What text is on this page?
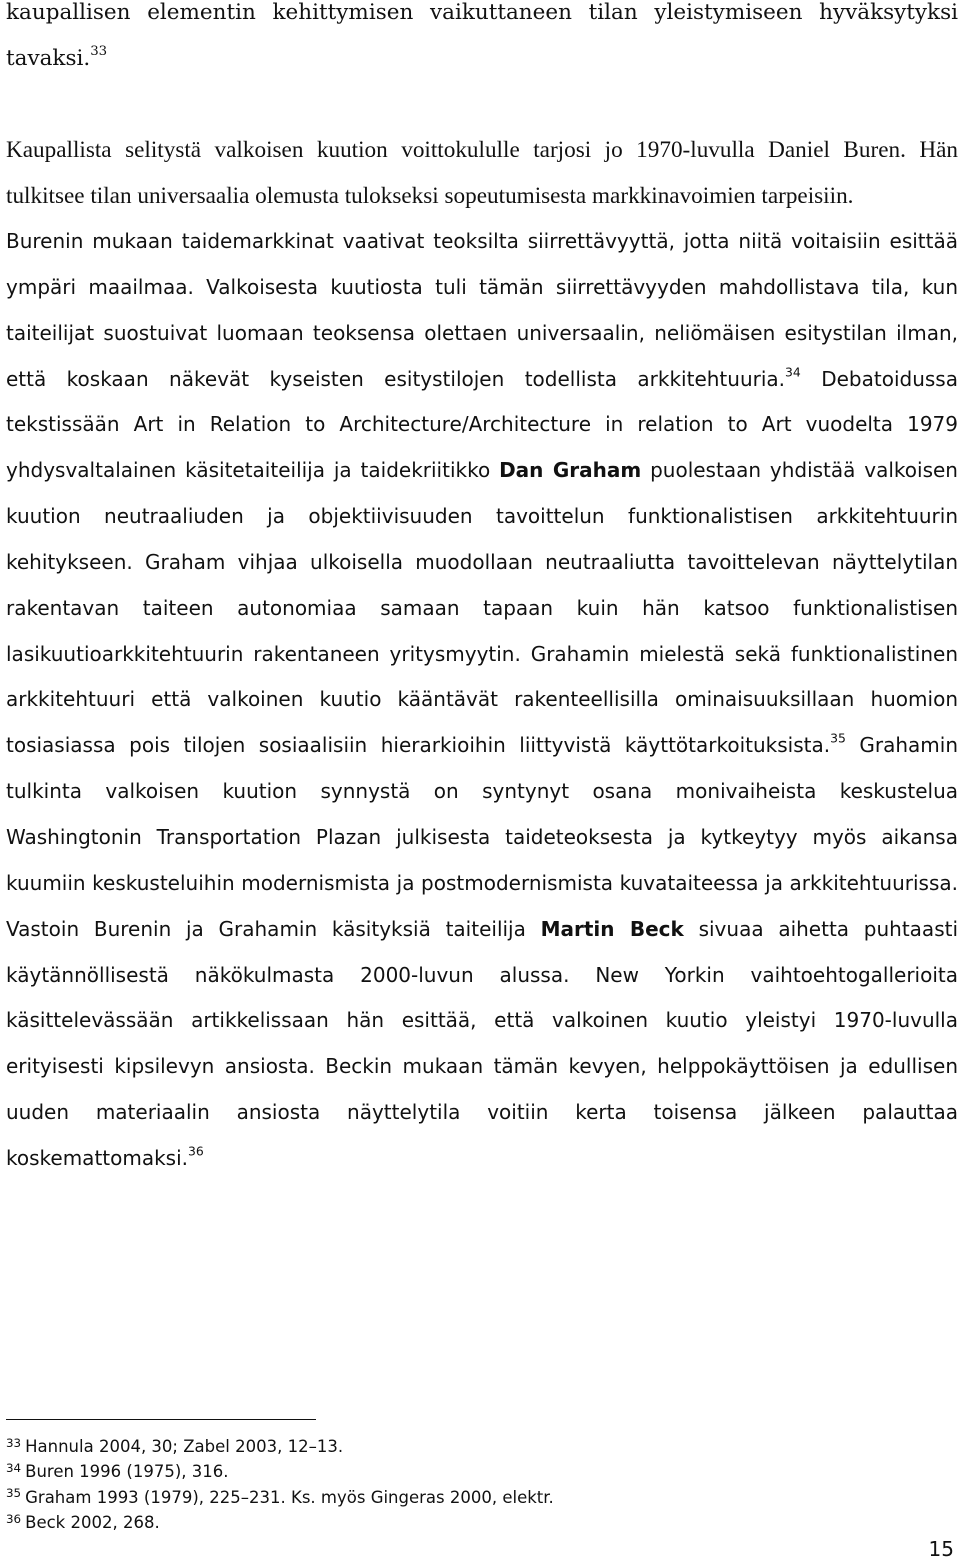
kaupallisen elementin kehittymisen vaikuttaneen tilan yleistymiseen hyväksytyksi tavaksi.$^{33}$

Kaupallista selitystä valkoisen kuution voittokululle tarjosi jo 1970-luvulla Daniel Buren. Hän tulkitsee tilan universaalia olemusta tulokseksi sopeutumisesta markkinavoimien tarpeisiin.

Burenin mukaan taidemarkkinat vaativat teoksilta siirrettävyyttä, jotta niitä voitaisiin esittää ympäri maailmaa. Valkoisesta kuutiosta tuli tämän siirrettävyyden mahdollistava tila, kun taiteilijat suostuivat luomaan teoksensa olettaen universaalin, neliömäisen esitystilan ilman, että koskaan näkevät kyseisten esitystilojen todellista arkkitehtuuria.$^{34}$ Debatoidussa tekstissään Art in Relation to Architecture/Architecture in relation to Art vuodelta 1979 yhdysvaltalainen käsitetaiteilija ja taidekriitikko Dan Graham puolestaan yhdistää valkoisen kuution neutraaliuden ja objektiivisuuden tavoittelun funktionalistisen arkkitehtuurin kehitykseen. Graham vihjaa ulkoisella muodollaan neutraaliutta tavoittelevan näyttelytilan rakentavan taiteen autonomiaa samaan tapaan kuin hän katsoo funktionalistisen lasikuutioarkkitehtuurin rakentaneen yritysmyytin. Grahamin mielestä sekä funktionalistinen arkkitehtuuri että valkoinen kuutio kääntävät rakenteellisilla ominaisuuksillaan huomion tosiasiassa pois tilojen sosiaalisiin hierarkioihin liittyvistä käyttötarkoituksista.$^{35}$ Grahamin tulkinta valkoisen kuution synnystä on syntynyt osana monivaiheista keskustelua Washingtonin Transportation Plazan julkisesta taideteoksesta ja kytkeytyy myös aikansa kuumiin keskusteluihin modernismista ja postmodernismista kuvataiteessa ja arkkitehtuurissa. Vastoin Burenin ja Grahamin käsityksiä taiteilija Martin Beck sivuaa aihetta puhtaasti käytännöllisestä näkökulmasta 2000-luvun alussa. New Yorkin vaihtoehtogallerioita käsittelevässään artikkelissaan hän esittää, että valkoinen kuutio yleistyi 1970-luvulla erityisesti kipsilevyn ansiosta. Beckin mukaan tämän kevyen, helppokäyttöisen ja edullisen uuden materiaalin ansiosta näyttelytila voitiin kerta toisensa jälkeen palauttaa koskemattomaksi.$^{36}$

$^{33}$ Hannula 2004, 30; Zabel 2003, 12–13.
$^{34}$ Buren 1996 (1975), 316.
$^{35}$ Graham 1993 (1979), 225–231. Ks. myös Gingeras 2000, elektr.
$^{36}$ Beck 2002, 268.
15
